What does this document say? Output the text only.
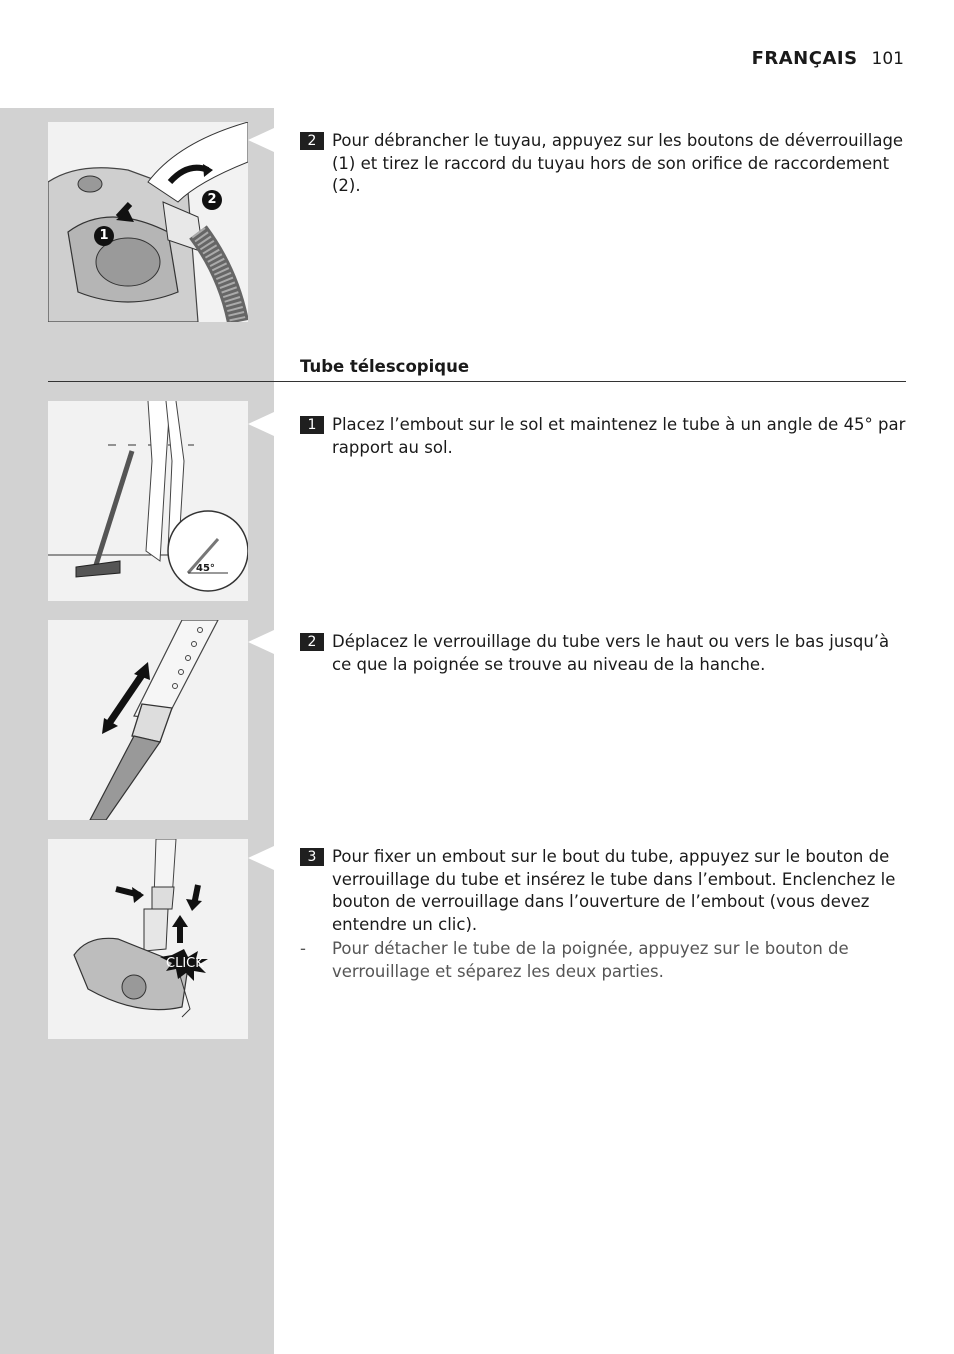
FRANÇAIS 101
1
2
2 Pour débrancher le tuyau, appuyez sur les boutons de déverrouillage (1) et tirez le raccord du tuyau hors de son orifice de raccordement (2).
Tube télescopique
45°
1 Placez l’embout sur le sol et maintenez le tube à un angle de 45° par rapport au sol.
2 Déplacez le verrouillage du tube vers le haut ou vers le bas jusqu’à ce que la poignée se trouve au niveau de la hanche.
CLICK
3 Pour fixer un embout sur le bout du tube, appuyez sur le bouton de verrouillage du tube et insérez le tube dans l’embout. Enclenchez le bouton de verrouillage dans l’ouverture de l’embout (vous devez entendre un clic).
- Pour détacher le tube de la poignée, appuyez sur le bouton de verrouillage et séparez les deux parties.
